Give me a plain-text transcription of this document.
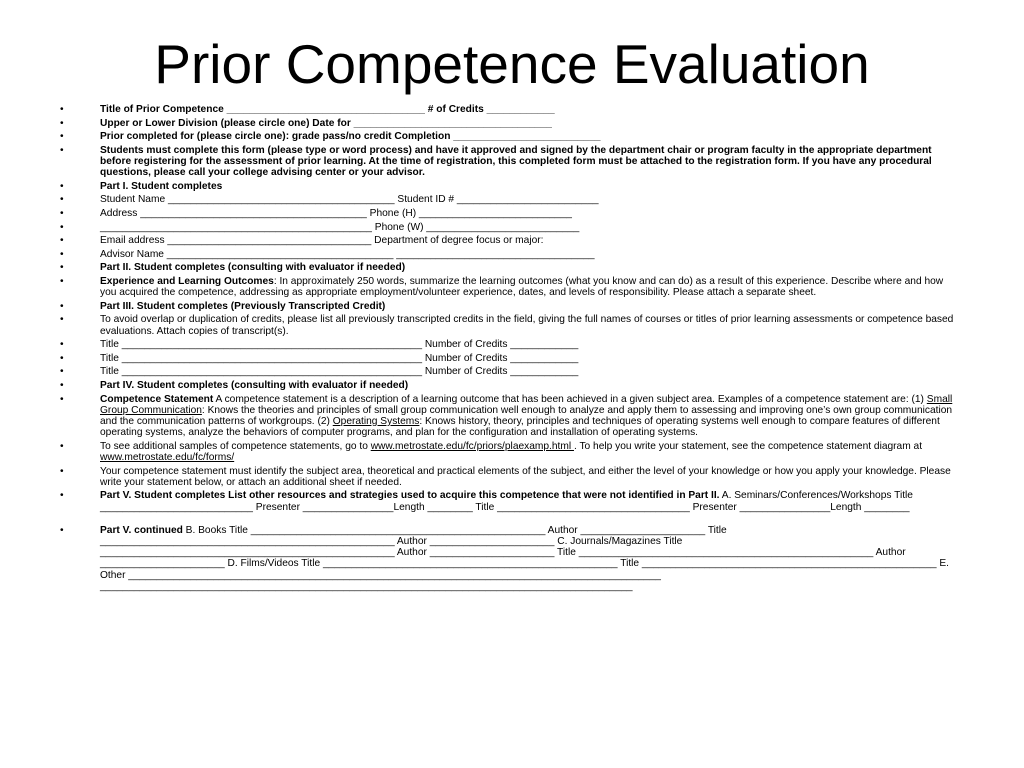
Prior Competence Evaluation
•	Title of Prior Competence ___________________________________ # of Credits ____________
•	Upper or Lower Division (please circle one) Date for ___________________________________
•	Prior completed for (please circle one): grade pass/no credit Completion __________________________
•	Students must complete this form (please type or word process) and have it approved and signed by the department chair or program faculty in the appropriate department before registering for the assessment of prior learning. At the time of registration, this completed form must be attached to the registration form. If you have any procedural questions, please call your college advising center or your advisor.
•	Part I. Student completes
•	Student Name ________________________________________ Student ID # _________________________
•	Address ________________________________________ Phone (H) ___________________________
•	________________________________________________ Phone (W) ___________________________
•	Email address ____________________________________ Department of degree focus or major:
•	Advisor Name ________________________________________ ___________________________________
•	Part II. Student completes (consulting with evaluator if needed)
•	Experience and Learning Outcomes: In approximately 250 words, summarize the learning outcomes (what you know and can do) as a result of this experience. Describe where and how you acquired the competence, addressing as appropriate employment/volunteer experience, dates, and levels of responsibility. Please attach a separate sheet.
•	Part III. Student completes (Previously Transcripted Credit)
•	To avoid overlap or duplication of credits, please list all previously transcripted credits in the field, giving the full names of courses or titles of prior learning assessments or competence based evaluations. Attach copies of transcript(s).
•	Title _____________________________________________________ Number of Credits ____________
•	Title _____________________________________________________ Number of Credits ____________
•	Title _____________________________________________________ Number of Credits ____________
•	Part IV. Student completes (consulting with evaluator if needed)
•	Competence Statement A competence statement is a description of a learning outcome that has been achieved in a given subject area. Examples of a competence statement are: (1) Small Group Communication: Knows the theories and principles of small group communication well enough to analyze and apply them to assessing and improving one’s own group communication and the communication patterns of workgroups. (2) Operating Systems: Knows history, theory, principles and techniques of operating systems well enough to compare features of different operating systems, analyze the behaviors of computer programs, and plan for the configuration and installation of operating systems.
•	To see additional samples of competence statements, go to www.metrostate.edu/fc/priors/plaexamp.html . To help you write your statement, see the competence statement diagram at www.metrostate.edu/fc/forms/
•	Your competence statement must identify the subject area, theoretical and practical elements of the subject, and either the level of your knowledge or how you apply your knowledge. Please write your statement below, or attach an additional sheet if needed.
•	Part V. Student completes List other resources and strategies used to acquire this competence that were not identified in Part II. A. Seminars/Conferences/Workshops Title ___________________________ Presenter ________________Length ________ Title __________________________________ Presenter ________________Length ________
•	Part V. continued B. Books Title ____________________________________________________ Author ______________________ Title ____________________________________________________ Author ______________________ C. Journals/Magazines Title ____________________________________________________ Author ______________________ Title ____________________________________________________ Author ______________________ D. Films/Videos Title ____________________________________________________ Title ____________________________________________________ E. Other ______________________________________________________________________________________________ ______________________________________________________________________________________________
